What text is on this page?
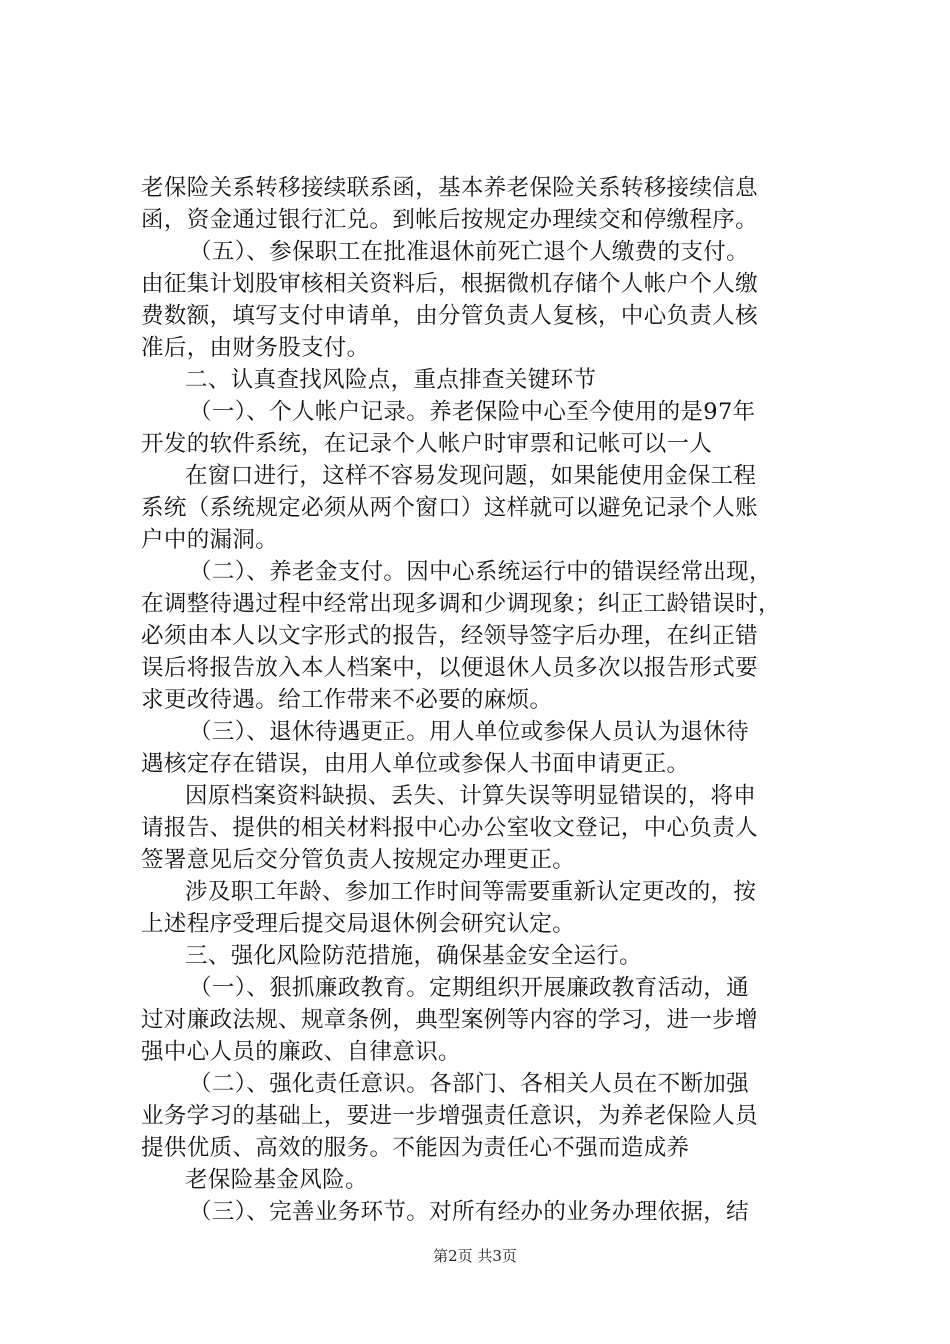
老保险关系转移接续联系函，基本养老保险关系转移接续信息
函，资金通过银行汇兑。到帐后按规定办理续交和停缴程序。
（五）、参保职工在批准退休前死亡退个人缴费的支付。
由征集计划股审核相关资料后，根据微机存储个人帐户个人缴
费数额，填写支付申请单，由分管负责人复核，中心负责人核
准后，由财务股支付。
二、认真查找风险点，重点排查关键环节
（一）、个人帐户记录。养老保险中心至今使用的是97年
开发的软件系统，在记录个人帐户时审票和记帐可以一人
在窗口进行，这样不容易发现问题，如果能使用金保工程
系统（系统规定必须从两个窗口）这样就可以避免记录个人账
户中的漏洞。
（二）、养老金支付。因中心系统运行中的错误经常出现，
在调整待遇过程中经常出现多调和少调现象；纠正工龄错误时，
必须由本人以文字形式的报告，经领导签字后办理，在纠正错
误后将报告放入本人档案中，以便退休人员多次以报告形式要
求更改待遇。给工作带来不必要的麻烦。
（三）、退休待遇更正。用人单位或参保人员认为退休待
遇核定存在错误，由用人单位或参保人书面申请更正。
因原档案资料缺损、丢失、计算失误等明显错误的，将申
请报告、提供的相关材料报中心办公室收文登记，中心负责人
签署意见后交分管负责人按规定办理更正。
涉及职工年龄、参加工作时间等需要重新认定更改的，按
上述程序受理后提交局退休例会研究认定。
三、强化风险防范措施，确保基金安全运行。
（一）、狠抓廉政教育。定期组织开展廉政教育活动，通
过对廉政法规、规章条例，典型案例等内容的学习，进一步增
强中心人员的廉政、自律意识。
（二）、强化责任意识。各部门、各相关人员在不断加强
业务学习的基础上，要进一步增强责任意识，为养老保险人员
提供优质、高效的服务。不能因为责任心不强而造成养
老保险基金风险。
（三）、完善业务环节。对所有经办的业务办理依据，结
第2页 共3页
